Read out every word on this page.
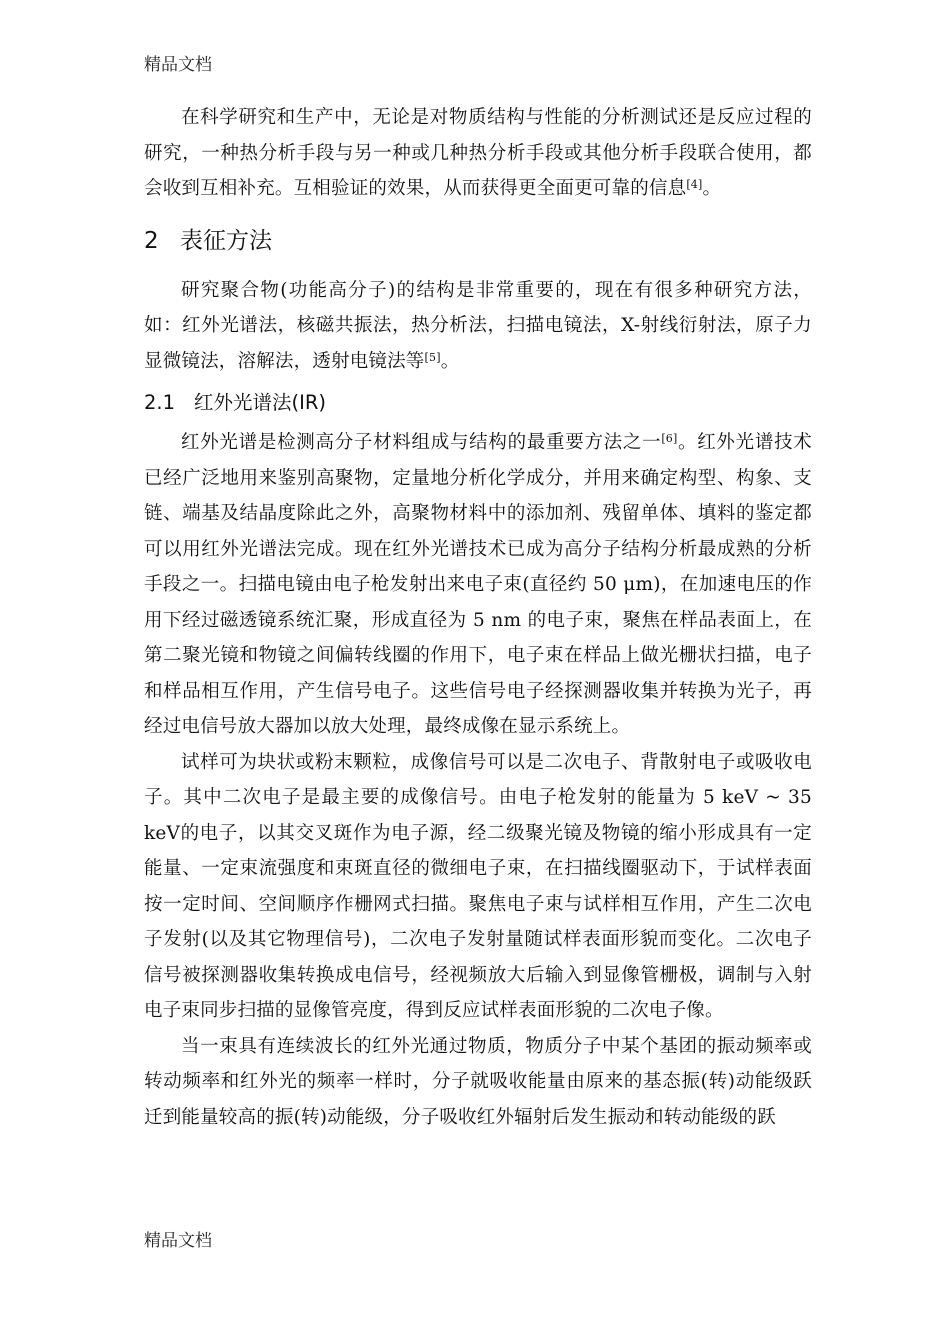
精品文档

在科学研究和生产中，无论是对物质结构与性能的分析测试还是反应过程的研究，一种热分析手段与另一种或几种热分析手段或其他分析手段联合使用，都会收到互相补充。互相验证的效果，从而获得更全面更可靠的信息[4]。

2 表征方法

研究聚合物(功能高分子)的结构是非常重要的，现在有很多种研究方法，如：红外光谱法，核磁共振法，热分析法，扫描电镜法，X-射线衍射法，原子力显微镜法，溶解法，透射电镜法等[5]。

2.1 红外光谱法(IR)

红外光谱是检测高分子材料组成与结构的最重要方法之一[6]。红外光谱技术已经广泛地用来鉴别高聚物，定量地分析化学成分，并用来确定构型、构象、支链、端基及结晶度除此之外，高聚物材料中的添加剂、残留单体、填料的鉴定都可以用红外光谱法完成。现在红外光谱技术已成为高分子结构分析最成熟的分析手段之一。扫描电镜由电子枪发射出来电子束(直径约 50 μm)，在加速电压的作用下经过磁透镜系统汇聚，形成直径为 5 nm 的电子束，聚焦在样品表面上，在第二聚光镜和物镜之间偏转线圈的作用下，电子束在样品上做光栅状扫描，电子和样品相互作用，产生信号电子。这些信号电子经探测器收集并转换为光子，再经过电信号放大器加以放大处理，最终成像在显示系统上。

试样可为块状或粉末颗粒，成像信号可以是二次电子、背散射电子或吸收电子。其中二次电子是最主要的成像信号。由电子枪发射的能量为 5 keV ~ 35 keV的电子，以其交叉斑作为电子源，经二级聚光镜及物镜的缩小形成具有一定能量、一定束流强度和束斑直径的微细电子束，在扫描线圈驱动下，于试样表面按一定时间、空间顺序作栅网式扫描。聚焦电子束与试样相互作用，产生二次电子发射(以及其它物理信号)，二次电子发射量随试样表面形貌而变化。二次电子信号被探测器收集转换成电信号，经视频放大后输入到显像管栅极，调制与入射电子束同步扫描的显像管亮度，得到反应试样表面形貌的二次电子像。

当一束具有连续波长的红外光通过物质，物质分子中某个基团的振动频率或转动频率和红外光的频率一样时，分子就吸收能量由原来的基态振(转)动能级跃迁到能量较高的振(转)动能级，分子吸收红外辐射后发生振动和转动能级的跃

精品文档
